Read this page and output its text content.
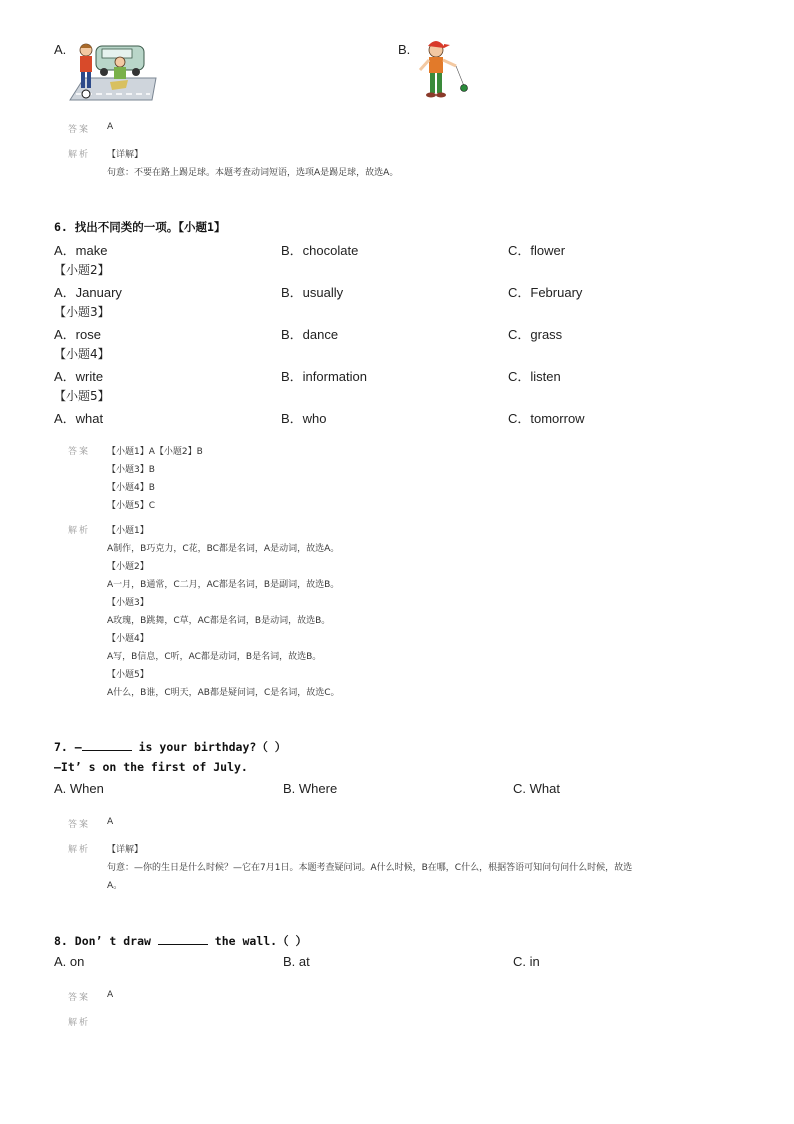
A.	B.
答案 A
解析 【详解】
句意：不要在路上踢足球。本题考查动词短语，选项A是踢足球，故选A。
6. 找出不同类的一项。【小题1】
A．make	B．chocolate	C．flower
【小题2】
A．January	B．usually	C．February
【小题3】
A．rose	B．dance	C．grass
【小题4】
A．write	B．information	C．listen
【小题5】
A．what	B．who	C．tomorrow
答案 【小题1】A【小题2】B
【小题3】B
【小题4】B
【小题5】C
解析 【小题1】
A制作，B巧克力，C花，BC都是名词，A是动词，故选A。
【小题2】
A一月，B通常，C二月，AC都是名词，B是副词，故选B。
【小题3】
A玫瑰，B跳舞，C草，AC都是名词，B是动词，故选B。
【小题4】
A写，B信息，C听，AC都是动词，B是名词，故选B。
【小题5】
A什么，B谁，C明天，AB都是疑问词，C是名词，故选C。
7. —	is your birthday?（ ）
—It’ s on the first of July.
A. When	B. Where	C. What
答案 A
解析 【详解】
句意：—你的生日是什么时候？—它在7月1日。本题考查疑问词。A什么时候，B在哪，C什么，根据答语可知问句问什么时候，故选
A。
8. Don’ t draw	the wall.（ ）
A. on	B. at	C. in
答案 A
解析
